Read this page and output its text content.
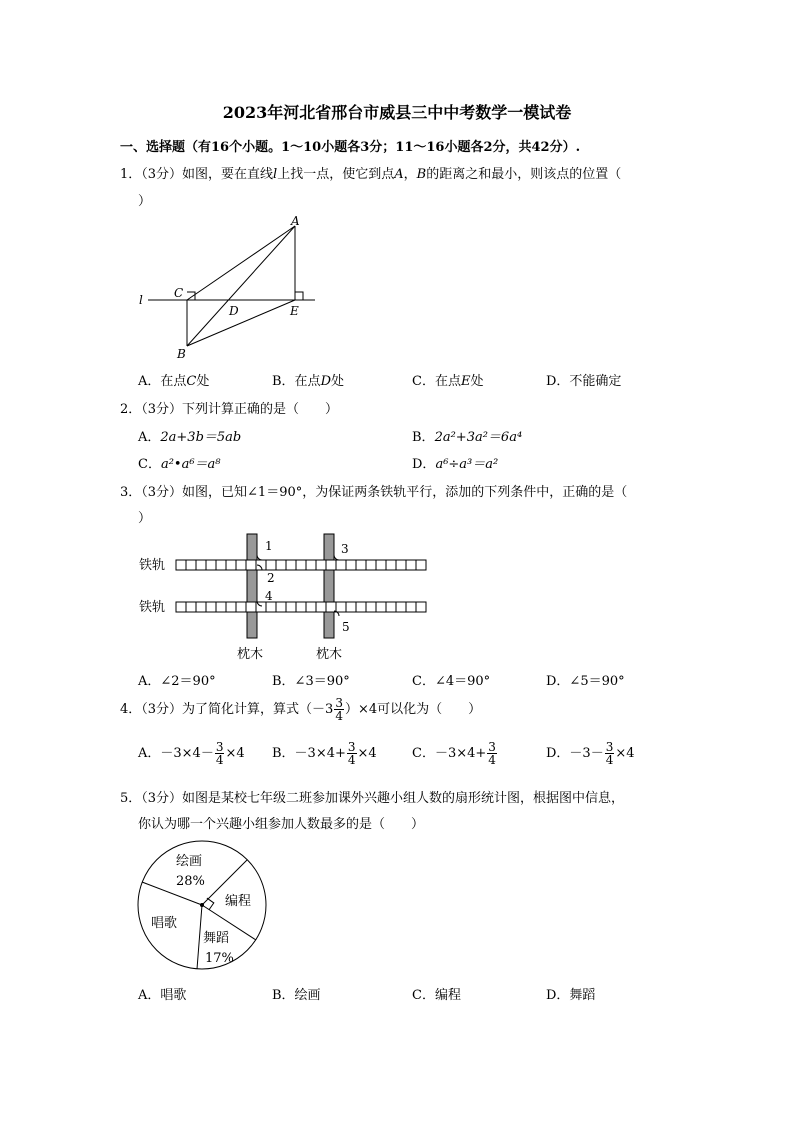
2023年河北省邢台市威县三中中考数学一模试卷
一、选择题（有16个小题。1～10小题各3分；11～16小题各2分，共42分）.
1．（3分）如图，要在直线l上找一点，使它到点A，B的距离之和最小，则该点的位置（
）
A
B
C
D	E
l
A．在点C处	B．在点D处	C．在点E处	D．不能确定
2．（3分）下列计算正确的是（　　）
A．2a+3b＝5ab	B．2a²+3a²＝6a⁴
C．a²•a⁶＝a⁸	D．a⁶÷a³＝a²
3．（3分）如图，已知∠1＝90°，为保证两条铁轨平行，添加的下列条件中，正确的是（
）
1
2
3
4
5
铁轨
铁轨
枕木	枕木
A．∠2＝90°	B．∠3＝90°	C．∠4＝90°	D．∠5＝90°
4．（3分）为了简化计算，算式$(-3 \frac{3}{4} )\times 4$可以化为（　　）
A．$-3\times 4- \frac{3}{4} \times 4$ B．$-3\times 4+ \frac{3}{4} \times 4$	C．$-3\times 4+ \frac{3}{4}$	D．$-3- \frac{3}{4} \times 4$
5．（3分）如图是某校七年级二班参加课外兴趣小组人数的扇形统计图，根据图中信息，
你认为哪一个兴趣小组参加人数最多的是（　　）
绘画
28%
编程
唱歌
舞蹈
17%
A．唱歌	B．绘画	C．编程	D．舞蹈
